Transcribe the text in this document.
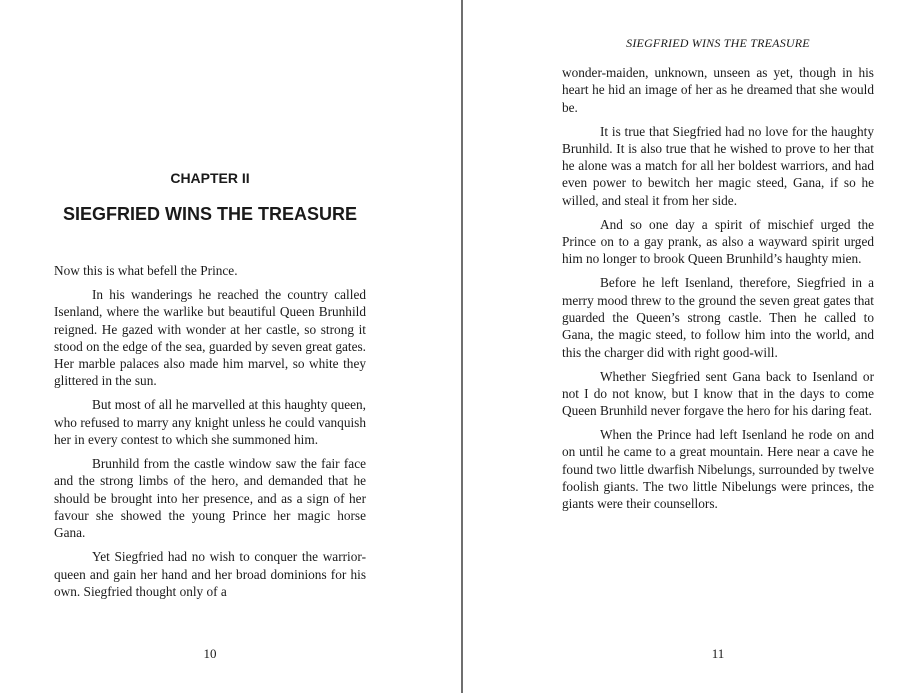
CHAPTER II
SIEGFRIED WINS THE TREASURE

Now this is what befell the Prince.

In his wanderings he reached the country called Isenland, where the warlike but beautiful Queen Brunhild reigned. He gazed with wonder at her castle, so strong it stood on the edge of the sea, guarded by seven great gates. Her marble palaces also made him marvel, so white they glittered in the sun.

But most of all he marvelled at this haughty queen, who refused to marry any knight unless he could vanquish her in every contest to which she summoned him.

Brunhild from the castle window saw the fair face and the strong limbs of the hero, and demanded that he should be brought into her presence, and as a sign of her favour she showed the young Prince her magic horse Gana.

Yet Siegfried had no wish to conquer the warrior-queen and gain her hand and her broad dominions for his own. Siegfried thought only of a

10
SIEGFRIED WINS THE TREASURE

wonder-maiden, unknown, unseen as yet, though in his heart he hid an image of her as he dreamed that she would be.

It is true that Siegfried had no love for the haughty Brunhild. It is also true that he wished to prove to her that he alone was a match for all her boldest warriors, and had even power to bewitch her magic steed, Gana, if so he willed, and steal it from her side.

And so one day a spirit of mischief urged the Prince on to a gay prank, as also a wayward spirit urged him no longer to brook Queen Brunhild’s haughty mien.

Before he left Isenland, therefore, Siegfried in a merry mood threw to the ground the seven great gates that guarded the Queen’s strong castle. Then he called to Gana, the magic steed, to follow him into the world, and this the charger did with right good-will.

Whether Siegfried sent Gana back to Isenland or not I do not know, but I know that in the days to come Queen Brunhild never forgave the hero for his daring feat.

When the Prince had left Isenland he rode on and on until he came to a great mountain. Here near a cave he found two little dwarfish Nibelungs, surrounded by twelve foolish giants. The two little Nibelungs were princes, the giants were their counsellors.

11
